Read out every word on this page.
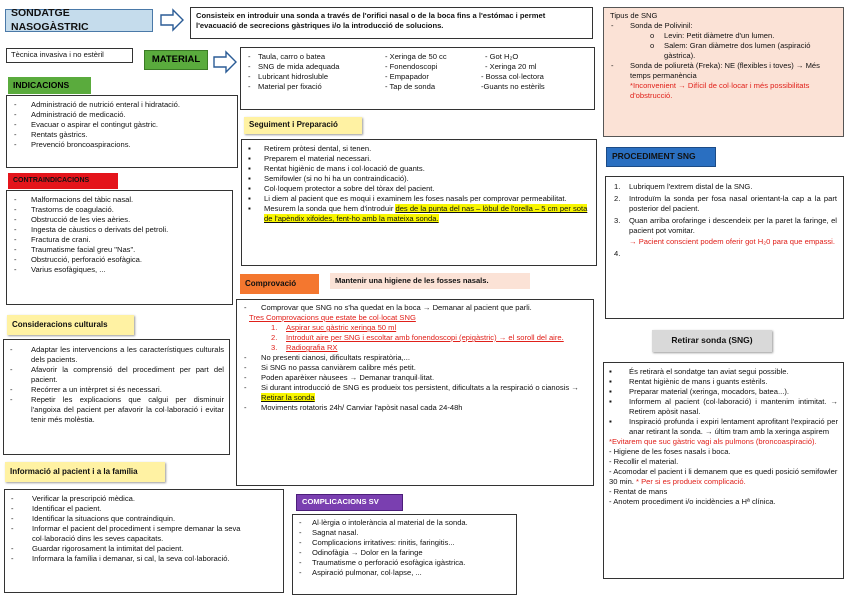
SONDATGE NASOGÀSTRIC
Consisteix en introduir una sonda a través de l'orifici nasal o de la boca fins a l'estómac i permet l'evacuació de secrecions gàstriques i/o la introducció de solucions.
Tècnica invasiva i no estèril	MATERIAL
-	Taula, carro o batea
- SNG de mida adequada
- Lubricant hidrosluble
- Material per fixació
- Xeringa de 50 cc
- Fonendoscopi
- Empapador
- Tap de sonda
- Got H₂O
- Xeringa 20 ml
- Bossa col·lectora
-Guants no estèrils
INDICACIONS
- Administració de nutrició enteral i hidratació.
- Administració de medicació.
- Evacuar o aspirar el contingut gàstric.
- Rentats gàstrics.
- Prevenció broncoaspiracions.
CONTRAINDICACIONS
- Malformacions del tàbic nasal.
- Trastorns de coagulació.
- Obstrucció de les vies aèries.
- Ingesta de càustics o derivats del petroli.
- Fractura de crani.
- Traumatisme facial greu "Nas".
- Obstrucció, perforació esofàgica.
- Varius esofàgiques, ...
Consideracions culturals
- Adaptar les intervencions a les característiques culturals dels pacients.
- Afavorir la comprensió del procediment per part del pacient.
- Recórrer a un intèrpret si és necessari.
- Repetir les explicacions que calgui per disminuir l'angoixa del pacient per afavorir la col·laboració i evitar tenir més molèstia.
Informació al pacient i a la família
- Verificar la prescripció mèdica.
- Identificar el pacient.
- Identificar la situacions que contraindiquin.
- Informar el pacient del procediment i sempre demanar la seva col·laboració dins les seves capacitats.
- Guardar rigorosament la intimitat del pacient.
- Informara la família i demanar, si cal, la seva col·laboració.
Seguiment i Preparació
▪ Retirem pròtesi dental, si tenen.
▪ Preparem el material necessari.
▪ Rentat higiènic de mans i col·locació de guants.
▪ Semifowler (si no hi ha un contraindicació).
▪ Col·loquem protector a sobre del tòrax del pacient.
▪ Li diem al pacient que es moqui i examinem les foses nasals per comprovar permeabilitat.
▪ Mesurem la sonda que hem d'introduir des de la punta del nas – lòbul de l'orella – 5 cm per sota de l'apèndix xifoides, fent-ho amb la mateixa sonda.
Comprovació	Mantenir una higiene de les fosses nasals.
- Comprovar que SNG no s'ha quedat en la boca → Demanar al pacient que parli.
Tres Comprovacions que estate be col·locat SNG
1. Aspirar suc gàstric xeringa 50 ml
2. Introduït aire per SNG i escoltar amb fonendoscopi (epigàstric) → el soroll del aire.
3. Radiografia RX
- No presenti cianosi, dificultats respiratòria,...
- Si SNG no passa canviàrem calibre més petit.
- Poden aparèixer nàusees → Demanar tranquil·litat.
- Si durant introducció de SNG es produeix tos persistent, dificultats a la respiració o cianosis → Retirar la sonda
- Moviments rotatoris 24h/ Canviar l'apòsit nasal cada 24-48h
COMPLICACIONS SV
- Al·lèrgia o intolerància al material de la sonda.
- Sagnat nasal.
- Complicacions irritatives: rinitis, faringitis...
- Odinofàgia → Dolor en la faringe
- Traumatisme o perforació esofàgica igàstrica.
- Aspiració pulmonar, col·lapse, ...
Tipus de SNG
- Sonda de Polivinil:
o Levin: Petit diàmetre d'un lumen.
o Salem: Gran diàmetre dos lumen (aspiració gàstrica).
- Sonda de poliuretà (Freka): NE (flexibles i toves) → Més temps permanència
*Inconvenient → Difícil de col·locar i més possibilitats d'obstrucció.
PROCEDIMENT SNG
1. Lubriquem l'extrem distal de la SNG.
2. Introduïm la sonda per fosa nasal orientant-la cap a la part posterior del pacient.
3. Quan arriba orofaringe i descendeix per la paret la faringe, el pacient pot vomitar.
→ Pacient conscient podem oferir got H₂0 para que empassi.
4.
Retirar sonda (SNG)
▪ És retirarà el sondatge tan aviat segui possible.
▪ Rentat higiènic de mans i guants estèrils.
▪ Preparar material (xeringa, mocadors, batea...).
▪ Informem al pacient (col·laboració) i mantenim intimitat. → Retirem apòsit nasal.
▪ Inspiració profunda i expiri lentament aprofitant l'expiració per anar retirant la sonda. → últim tram amb la xeringa aspirem
*Evitarem que suc gàstric vagi als pulmons (broncoaspiració).
- Higiene de les foses nasals i boca.
- Recollir el material.
- Acomodar el pacient i li demanem que es quedi posició semifowler 30 min. * Per si es produeix complicació.
- Rentat de mans
- Anotem procediment i/o incidències a Hª clínica.
